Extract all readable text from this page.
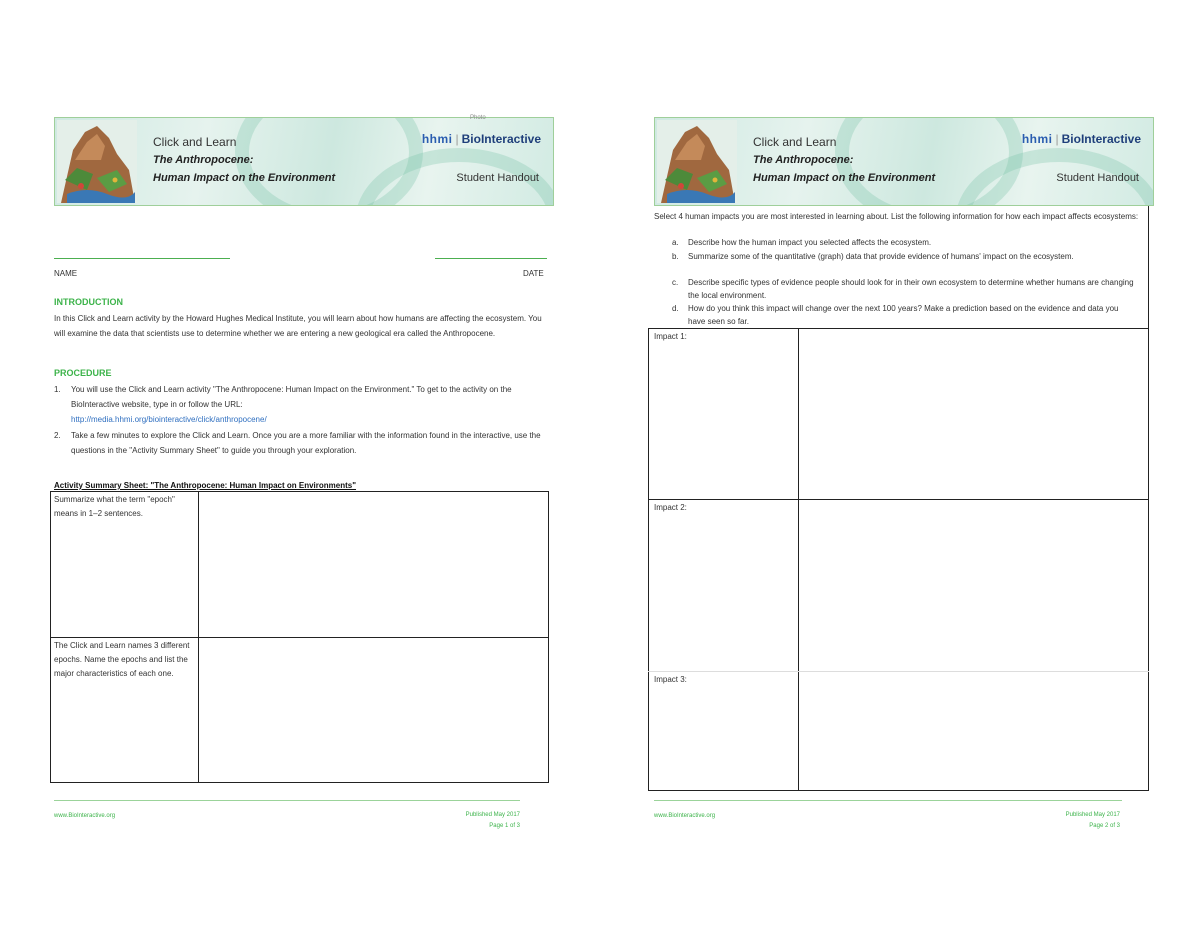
Click and Learn
The Anthropocene:
Human Impact on the Environment
hhmi | BioInteractive
Student Handout
Photo
NAME	DATE
INTRODUCTION
In this Click and Learn activity by the Howard Hughes Medical Institute, you will learn about how humans are affecting the ecosystem. You will examine the data that scientists use to determine whether we are entering a new geological era called the Anthropocene.
PROCEDURE
1. You will use the Click and Learn activity "The Anthropocene: Human Impact on the Environment." To get to the activity on the BioInteractive website, type in or follow the URL:
http://media.hhmi.org/biointeractive/click/anthropocene/
2. Take a few minutes to explore the Click and Learn. Once you are a more familiar with the information found in the interactive, use the questions in the "Activity Summary Sheet" to guide you through your exploration.
Activity Summary Sheet: "The Anthropocene: Human Impact on Environments"
Summarize what the term "epoch" means in 1–2 sentences.
The Click and Learn names 3 different epochs. Name the epochs and list the major characteristics of each one.
www.BioInteractive.org	Published May 2017
Page 1 of 3
Click and Learn
The Anthropocene:
Human Impact on the Environment
hhmi | BioInteractive
Student Handout
Select 4 human impacts you are most interested in learning about. List the following information for how each impact affects ecosystems:
a. Describe how the human impact you selected affects the ecosystem.
b. Summarize some of the quantitative (graph) data that provide evidence of humans' impact on the ecosystem.
c. Describe specific types of evidence people should look for in their own ecosystem to determine whether humans are changing the local environment.
d. How do you think this impact will change over the next 100 years? Make a prediction based on the evidence and data you have seen so far.
Impact 1:
Impact 2:
Impact 3:
www.BioInteractive.org	Published May 2017
Page 2 of 3
